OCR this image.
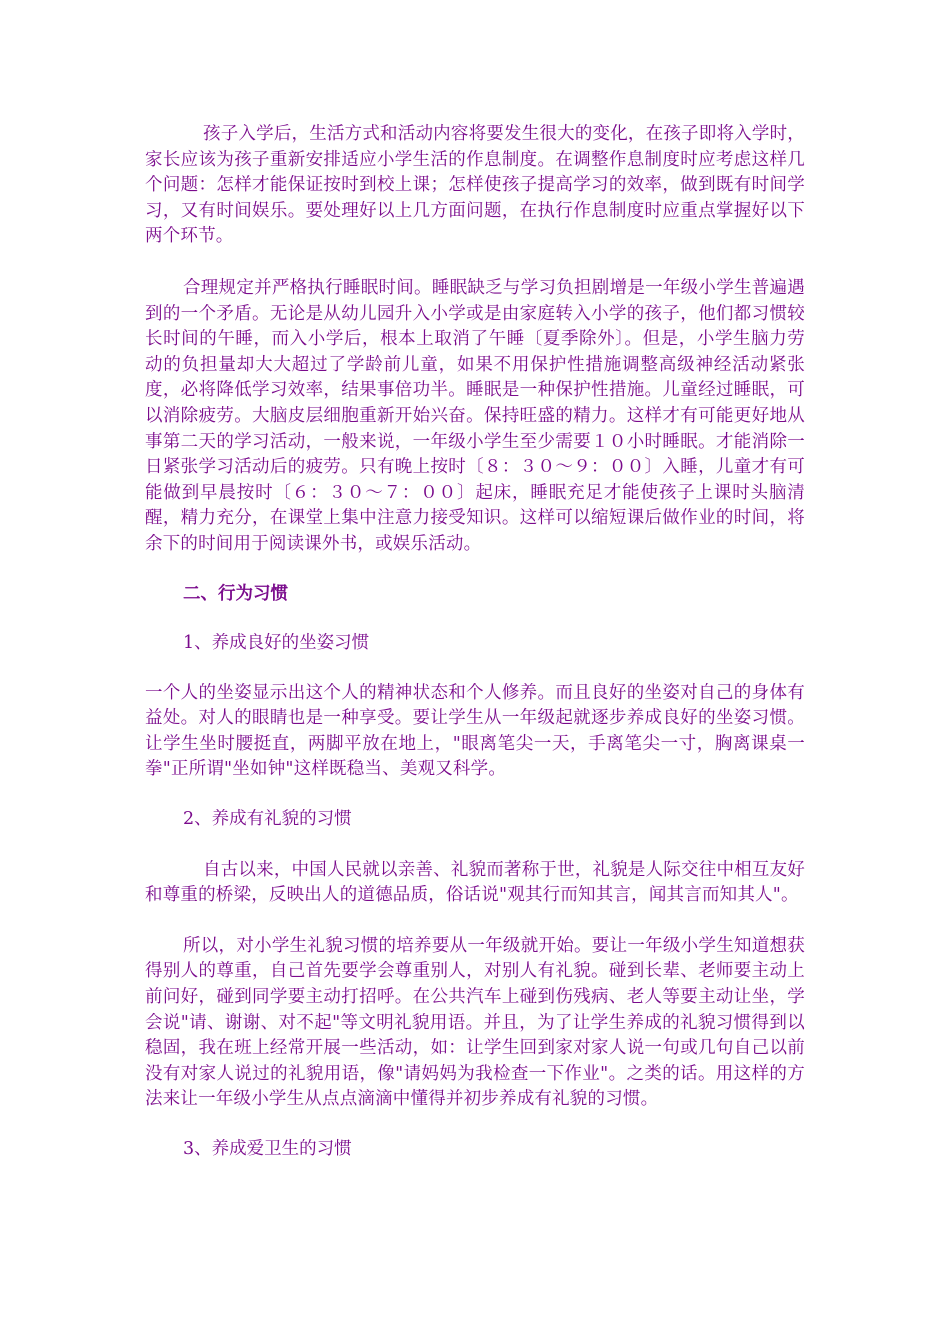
孩子入学后，生活方式和活动内容将要发生很大的变化，在孩子即将入学时，家长应该为孩子重新安排适应小学生活的作息制度。在调整作息制度时应考虑这样几个问题：怎样才能保证按时到校上课；怎样使孩子提高学习的效率，做到既有时间学习，又有时间娱乐。要处理好以上几方面问题，在执行作息制度时应重点掌握好以下两个环节。

合理规定并严格执行睡眠时间。睡眠缺乏与学习负担剧增是一年级小学生普遍遇到的一个矛盾。无论是从幼儿园升入小学或是由家庭转入小学的孩子，他们都习惯较长时间的午睡，而入小学后，根本上取消了午睡〔夏季除外〕。但是，小学生脑力劳动的负担量却大大超过了学龄前儿童，如果不用保护性措施调整高级神经活动紧张度，必将降低学习效率，结果事倍功半。睡眠是一种保护性措施。儿童经过睡眠，可以消除疲劳。大脑皮层细胞重新开始兴奋。保持旺盛的精力。这样才有可能更好地从事第二天的学习活动，一般来说，一年级小学生至少需要１０小时睡眠。才能消除一日紧张学习活动后的疲劳。只有晚上按时〔８：３０～９：００〕入睡，儿童才有可能做到早晨按时〔６：３０～７：００〕起床，睡眠充足才能使孩子上课时头脑清醒，精力充分，在课堂上集中注意力接受知识。这样可以缩短课后做作业的时间，将余下的时间用于阅读课外书，或娱乐活动。

二、行为习惯

1、养成良好的坐姿习惯

一个人的坐姿显示出这个人的精神状态和个人修养。而且良好的坐姿对自己的身体有益处。对人的眼睛也是一种享受。要让学生从一年级起就逐步养成良好的坐姿习惯。让学生坐时腰挺直，两脚平放在地上，"眼离笔尖一天，手离笔尖一寸，胸离课桌一拳"正所谓"坐如钟"这样既稳当、美观又科学。

2、养成有礼貌的习惯

自古以来，中国人民就以亲善、礼貌而著称于世，礼貌是人际交往中相互友好和尊重的桥梁，反映出人的道德品质，俗话说"观其行而知其言，闻其言而知其人"。

所以，对小学生礼貌习惯的培养要从一年级就开始。要让一年级小学生知道想获得别人的尊重，自己首先要学会尊重别人，对别人有礼貌。碰到长辈、老师要主动上前问好，碰到同学要主动打招呼。在公共汽车上碰到伤残病、老人等要主动让坐，学会说"请、谢谢、对不起"等文明礼貌用语。并且，为了让学生养成的礼貌习惯得到以稳固，我在班上经常开展一些活动，如：让学生回到家对家人说一句或几句自己以前没有对家人说过的礼貌用语，像"请妈妈为我检查一下作业"。之类的话。用这样的方法来让一年级小学生从点点滴滴中懂得并初步养成有礼貌的习惯。

3、养成爱卫生的习惯
